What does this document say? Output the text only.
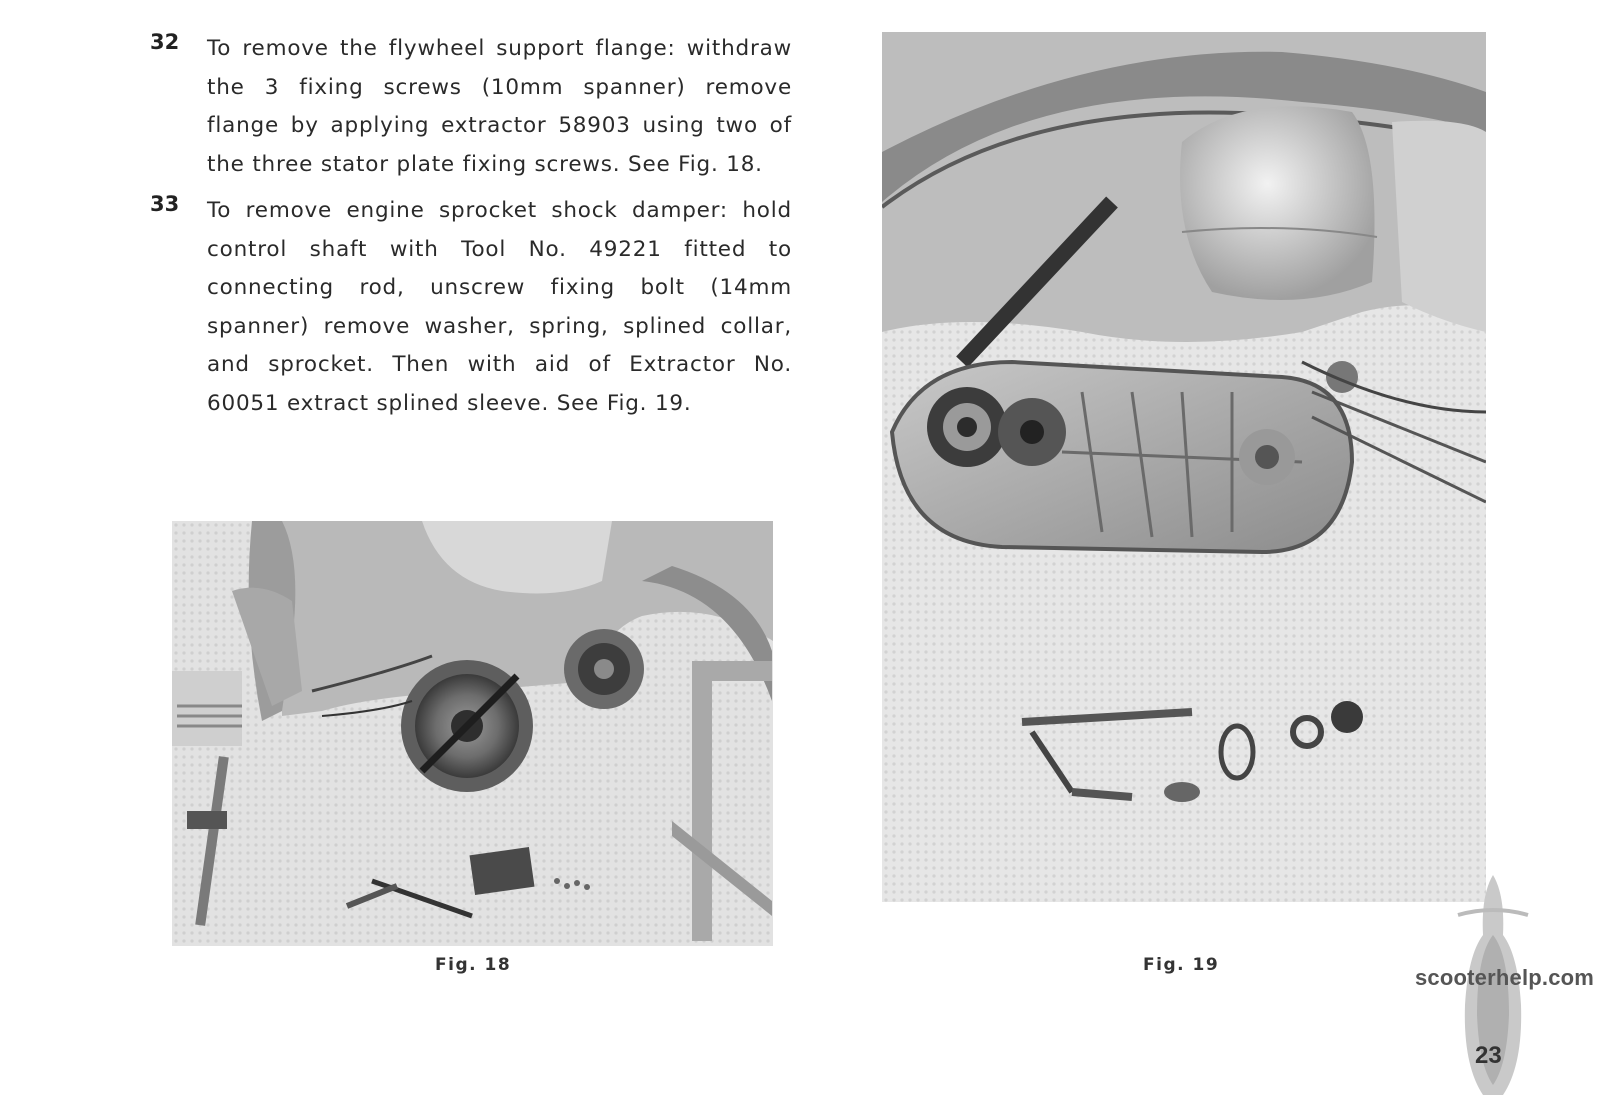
32	To remove the flywheel support flange: withdraw the 3 fixing screws (10mm spanner) remove flange by applying extractor 58903 using two of the three stator plate fixing screws. See Fig. 18.
33	To remove engine sprocket shock damper: hold control shaft with Tool No. 49221 fitted to connecting rod, unscrew fixing bolt (14mm spanner) remove washer, spring, splined collar, and sprocket. Then with aid of Extractor No. 60051 extract splined sleeve. See Fig. 19.
Fig. 18	Fig. 19	scooterhelp.com
23
